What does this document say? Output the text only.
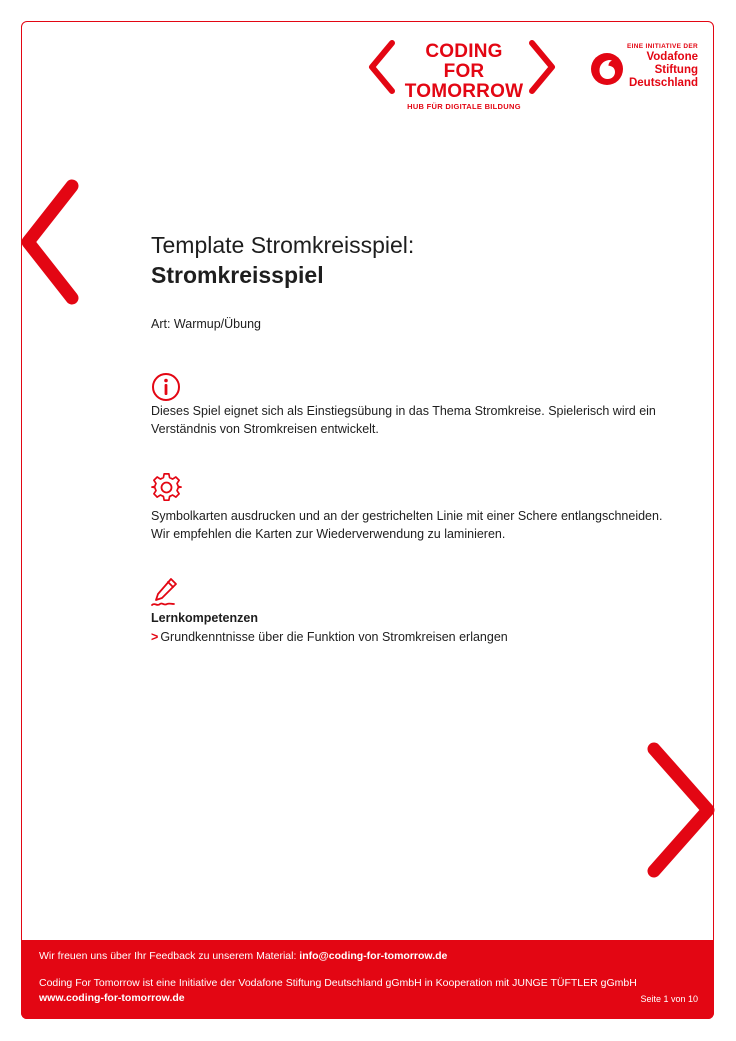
CODING FOR
TOMORROW
HUB FÜR DIGITALE BILDUNG
EINE INITIATIVE DER
Vodafone
Stiftung
Deutschland
Template Stromkreisspiel:
Stromkreisspiel
Art: Warmup/Übung

Dieses Spiel eignet sich als Einstiegsübung in das Thema Stromkreise. Spielerisch wird ein

Verständnis von Stromkreisen entwickelt.

Symbolkarten ausdrucken und an der gestrichelten Linie mit einer Schere entlangschneiden.

Wir empfehlen die Karten zur Wiederverwendung zu laminieren.

Lernkompetenzen
> Grundkenntnisse über die Funktion von Stromkreisen erlangen
Wir freuen uns über Ihr Feedback zu unserem Material: info@coding-for-tomorrow.de
Coding For Tomorrow ist eine Initiative der Vodafone Stiftung Deutschland gGmbH in Kooperation mit JUNGE TÜFTLER gGmbH
www.coding-for-tomorrow.de	Seite 1 von 10
